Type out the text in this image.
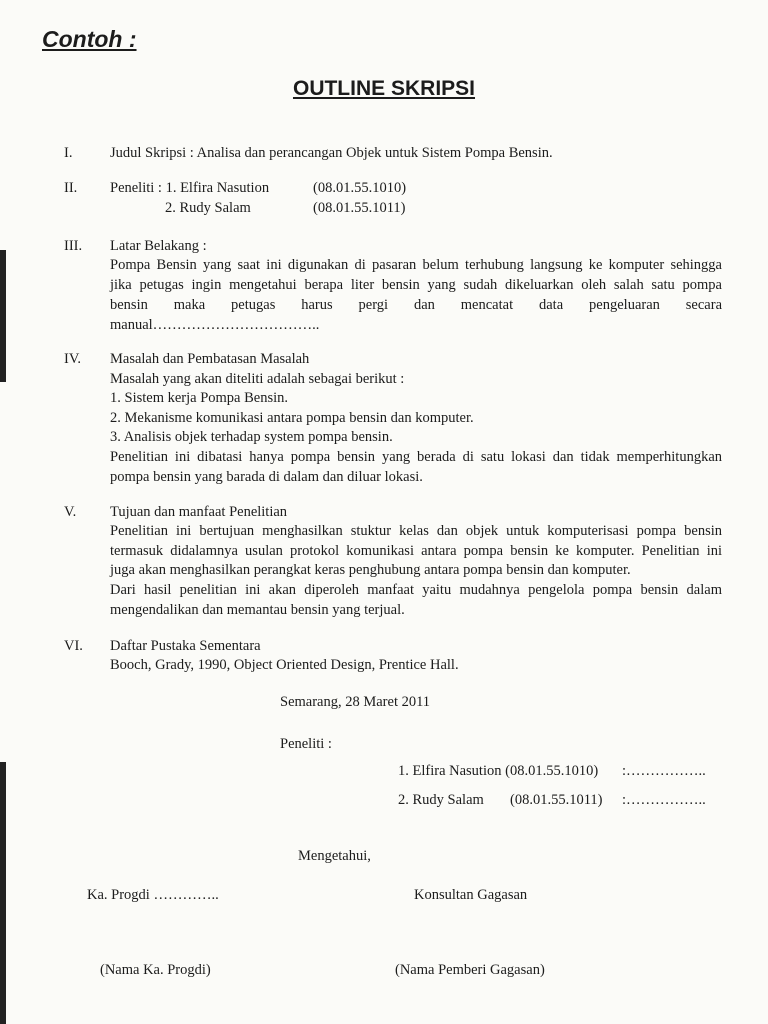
Contoh :
OUTLINE SKRIPSI
I.	Judul Skripsi : Analisa dan perancangan Objek untuk Sistem Pompa Bensin.
II. Peneliti : 1. Elfira Nasution	(08.01.55.1010)
2. Rudy Salam	(08.01.55.1011)
III. Latar Belakang :
Pompa Bensin yang saat ini digunakan di pasaran belum terhubung langsung ke komputer sehingga
jika petugas ingin mengetahui berapa liter bensin yang sudah dikeluarkan oleh salah satu pompa
bensin maka petugas harus pergi dan mencatat data pengeluaran secara
manual……………………………..
IV. Masalah dan Pembatasan Masalah
Masalah yang akan diteliti adalah sebagai berikut :
1. Sistem kerja Pompa Bensin.
2. Mekanisme komunikasi antara pompa bensin dan komputer.
3. Analisis objek terhadap system pompa bensin.
Penelitian ini dibatasi hanya pompa bensin yang berada di satu lokasi dan tidak memperhitungkan
pompa bensin yang barada di dalam dan diluar lokasi.
V. Tujuan dan manfaat Penelitian
Penelitian ini bertujuan menghasilkan stuktur kelas dan objek untuk komputerisasi pompa bensin
termasuk didalamnya usulan protokol komunikasi antara pompa bensin ke komputer. Penelitian ini
juga akan menghasilkan perangkat keras penghubung antara pompa bensin dan komputer.
Dari hasil penelitian ini akan diperoleh manfaat yaitu mudahnya pengelola pompa bensin dalam
mengendalikan dan memantau bensin yang terjual.
VI. Daftar Pustaka Sementara
Booch, Grady, 1990, Object Oriented Design, Prentice Hall.
Semarang, 28 Maret 2011
Peneliti :
1. Elfira Nasution (08.01.55.1010) :……………..
2. Rudy Salam (08.01.55.1011) :……………..
Mengetahui,
Ka. Progdi …………..	Konsultan Gagasan
(Nama Ka. Progdi)	(Nama Pemberi Gagasan)
